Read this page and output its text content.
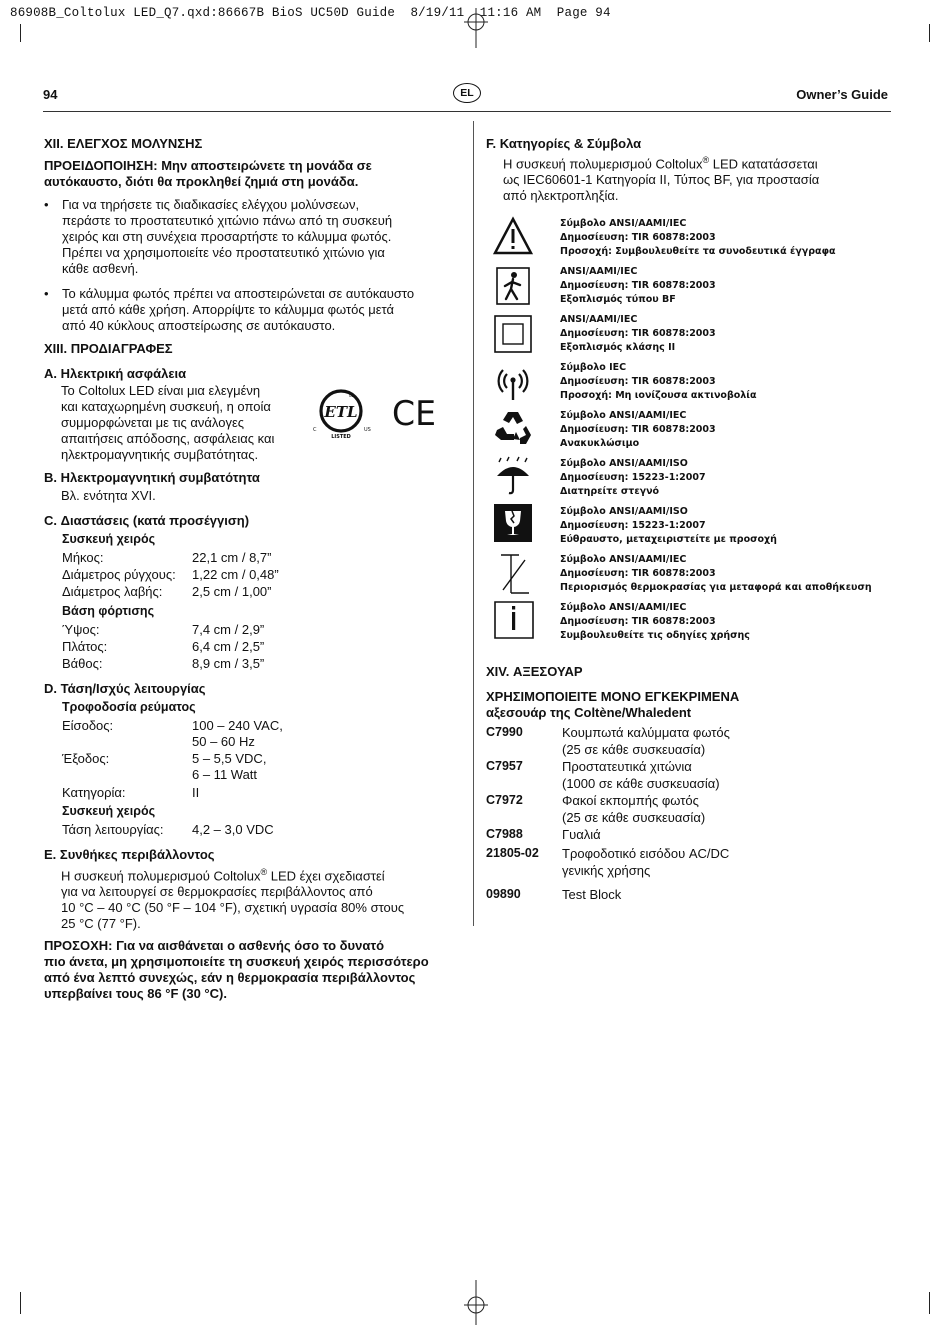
86908B_Coltolux LED_Q7.qxd:86667B BioS UC50D Guide  8/19/11  11:16 AM  Page 94
94	EL	Owner’s Guide
XII. ΕΛΕΓΧΟΣ ΜΟΛΥΝΣΗΣ
ΠΡΟΕΙΔΟΠΟΙΗΣΗ: Μην αποστειρώνετε τη μονάδα σε
αυτόκαυστο, διότι θα προκληθεί ζημιά στη μονάδα.
• Για να τηρήσετε τις διαδικασίες ελέγχου μολύνσεων,
περάστε το προστατευτικό χιτώνιο πάνω από τη συσκευή
χειρός και στη συνέχεια προσαρτήστε το κάλυμμα φωτός.
Πρέπει να χρησιμοποιείτε νέο προστατευτικό χιτώνιο για
κάθε ασθενή.
• Το κάλυμμα φωτός πρέπει να αποστειρώνεται σε αυτόκαυστο
μετά από κάθε χρήση. Απορρίψτε το κάλυμμα φωτός μετά
από 40 κύκλους αποστείρωσης σε αυτόκαυστο.
XIII. ΠΡΟΔΙΑΓΡΑΦΕΣ
A. Ηλεκτρική ασφάλεια
Το Coltolux LED είναι μια ελεγμένη
και καταχωρημένη συσκευή, η οποία
συμμορφώνεται με τις ανάλογες
απαιτήσεις απόδοσης, ασφάλειας και
ηλεκτρομαγνητικής συμβατότητας.
ETL
LISTED
C	US
us CE
B. Ηλεκτρομαγνητική συμβατότητα
Βλ. ενότητα XVI.
C. Διαστάσεις (κατά προσέγγιση)
Συσκευή χειρός
Μήκος:	22,1 cm / 8,7”
Διάμετρος ρύγχους: 1,22 cm / 0,48”
Διάμετρος λαβής: 2,5 cm / 1,00”
Βάση φόρτισης
Ύψος:	7,4 cm / 2,9”
Πλάτος:	6,4 cm / 2,5”
Βάθος:	8,9 cm / 3,5”
D. Τάση/Ισχύς λειτουργίας
Τροφοδοσία ρεύματος
Είσοδος:	100 – 240 VAC,
50 – 60 Hz
Έξοδος:	5 – 5,5 VDC,
6 – 11 Watt
Κατηγορία:	II
Συσκευή χειρός
Τάση λειτουργίας: 4,2 – 3,0 VDC
E. Συνθήκες περιβάλλοντος
Η συσκευή πολυμερισμού Coltolux® LED έχει σχεδιαστεί
για να λειτουργεί σε θερμοκρασίες περιβάλλοντος από
10 °C – 40 °C (50 °F – 104 °F), σχετική υγρασία 80% στους
25 °C (77 °F).
ΠΡΟΣΟΧΗ: Για να αισθάνεται ο ασθενής όσο το δυνατό
πιο άνετα, μη χρησιμοποιείτε τη συσκευή χειρός περισσότερο
από ένα λεπτό συνεχώς, εάν η θερμοκρασία περιβάλλοντος
υπερβαίνει τους 86 °F (30 °C).
F. Κατηγορίες & Σύμβολα
Η συσκευή πολυμερισμού Coltolux® LED κατατάσσεται
ως IEC60601-1 Κατηγορία II, Τύπος BF, για προστασία
από ηλεκτροπληξία.
Σύμβολο ANSI/AAMI/IEC
Δημοσίευση: TIR 60878:2003
Προσοχή: Συμβουλευθείτε τα συνοδευτικά έγγραφα
ANSI/AAMI/IEC
Δημοσίευση: TIR 60878:2003
Εξοπλισμός τύπου BF
ANSI/AAMI/IEC
Δημοσίευση: TIR 60878:2003
Εξοπλισμός κλάσης II
Σύμβολο IEC
Δημοσίευση: TIR 60878:2003
Προσοχή: Μη ιονίζουσα ακτινοβολία
Σύμβολο ANSI/AAMI/IEC
Δημοσίευση: TIR 60878:2003
Ανακυκλώσιμο
Σύμβολο ANSI/AAMI/ISO
Δημοσίευση: 15223-1:2007
Διατηρείτε στεγνό
Σύμβολο ANSI/AAMI/ISO
Δημοσίευση: 15223-1:2007
Εύθραυστο, μεταχειριστείτε με προσοχή
Σύμβολο ANSI/AAMI/IEC
Δημοσίευση: TIR 60878:2003
Περιορισμός θερμοκρασίας για μεταφορά και αποθήκευση
Σύμβολο ANSI/AAMI/IEC
Δημοσίευση: TIR 60878:2003
Συμβουλευθείτε τις οδηγίες χρήσης
XIV. ΑΞΕΣΟΥΑΡ
ΧΡΗΣΙΜΟΠΟΙΕΙΤΕ ΜΟΝΟ ΕΓΚΕΚΡΙΜΕΝΑ
αξεσουάρ της Coltène/Whaledent
C7990	Κουμπωτά καλύμματα φωτός
(25 σε κάθε συσκευασία)
C7957	Προστατευτικά χιτώνια
(1000 σε κάθε συσκευασία)
C7972	Φακοί εκπομπής φωτός
(25 σε κάθε συσκευασία)
C7988	Γυαλιά
21805-02 Τροφοδοτικό εισόδου AC/DC
γενικής χρήσης
09890	Test Block
